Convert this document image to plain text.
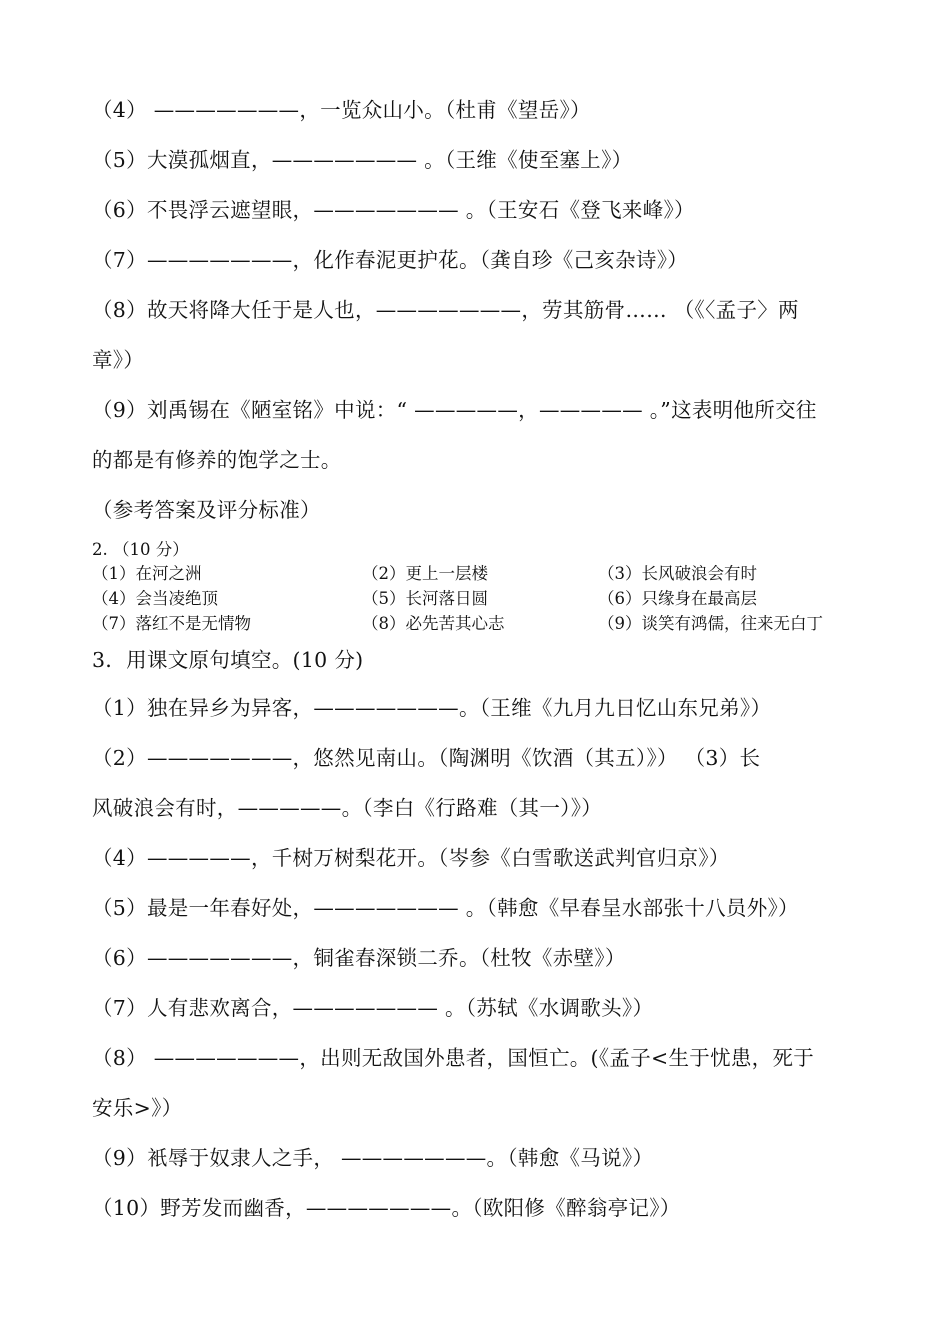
（4） ———————，一览众山小。（杜甫《望岳》）
（5）大漠孤烟直，——————— 。（王维《使至塞上》）
（6）不畏浮云遮望眼，——————— 。（王安石《登飞来峰》）
（7）———————，化作春泥更护花。（龚自珍《己亥杂诗》）
（8）故天将降大任于是人也，———————，劳其筋骨…… （《〈孟子〉两
章》）
（9）刘禹锡在《陋室铭》中说：“ —————，————— 。”这表明他所交往
的都是有修养的饱学之士。
（参考答案及评分标准）
2. （10 分）
（1）在河之洲	（2）更上一层楼	（3）长风破浪会有时
（4）会当凌绝顶	（5）长河落日圆	（6）只缘身在最高层
（7）落红不是无情物	（8）必先苦其心志	（9）谈笑有鸿儒，往来无白丁
3．用课文原句填空。(10 分)
（1）独在异乡为异客，———————。（王维《九月九日忆山东兄弟》）
（2）———————，悠然见南山。（陶渊明《饮酒（其五）》） （3）长
风破浪会有时，—————。（李白《行路难（其一）》）
（4）—————，千树万树梨花开。（岑参《白雪歌送武判官归京》）
（5）最是一年春好处，——————— 。（韩愈《早春呈水部张十八员外》）
（6）———————，铜雀春深锁二乔。（杜牧《赤壁》）
（7）人有悲欢离合，——————— 。（苏轼《水调歌头》）
（8） ———————，出则无敌国外患者，国恒亡。(《孟子<生于忧患，死于
安乐>》）
（9）衹辱于奴隶人之手， ———————。（韩愈《马说》）
（10）野芳发而幽香，———————。（欧阳修《醉翁亭记》）
